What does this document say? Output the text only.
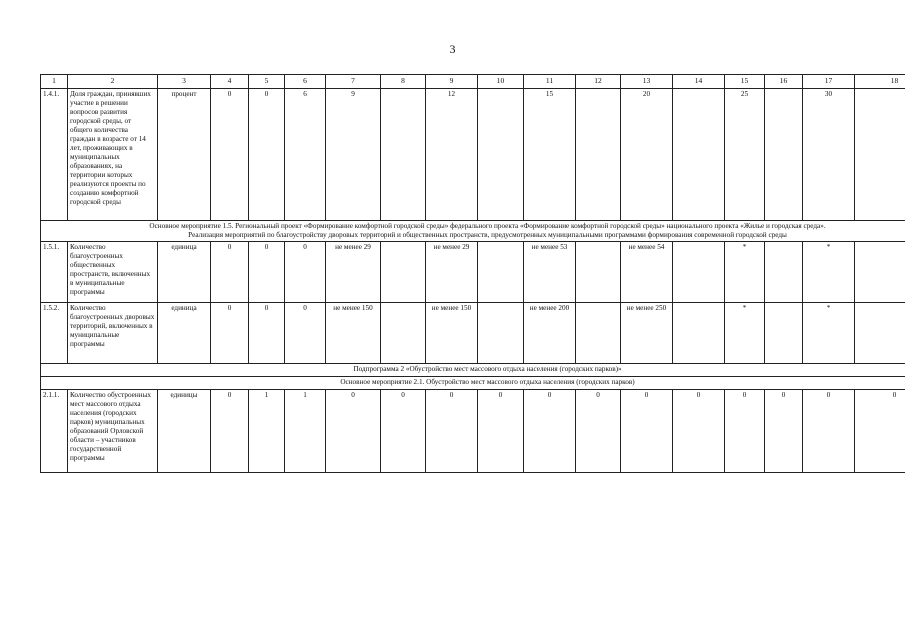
3
1	2	3	4	5	6	7	8	9	10	11	12	13	14	15	16	17	18
1.4.1.	Доля граждан, принявших участие в решении вопросов развития городской среды, от общего количества граждан в возрасте от 14 лет, проживающих в муниципальных образованиях, на территории которых реализуются проекты по созданию комфортной городской среды	процент	0	0	6	9		12		15		20		25		30	

Основное мероприятие 1.5. Региональный проект «Формирование комфортной городской среды» федерального проекта «Формирование комфортной городской среды» национального проекта «Жилье и городская среда».
Реализация мероприятий по благоустройству дворовых территорий и общественных пространств, предусмотренных муниципальными программами формирования современной городской среды																	

1.5.1.	Количество благоустроенных общественных пространств, включенных в муниципальные программы	единица	0	0	0	не менее 29		не менее 29		не менее 53		не менее 54		*		*	
1.5.2.	Количество благоустроенных дворовых территорий, включенных в муниципальные программы	единица	0	0	0	не менее 150		не менее 150		не менее 200		не менее 250		*		*	
Подпрограмма 2 «Обустройство мест массового отдыха населения (городских парков)»																	
Основное мероприятие 2.1. Обустройство мест массового отдыха населения (городских парков)																	
2.1.1.	Количество обустроенных мест массового отдыха населения (городских парков) муниципальных образований Орловской области – участников государственной программы	единицы	0	1	1	0	0	0	0	0	0	0	0	0	0	0	0
